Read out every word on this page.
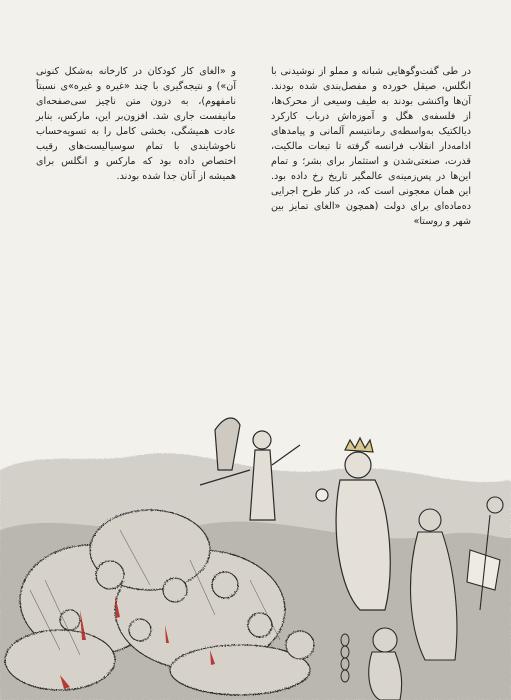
در طی گفت‌وگوهایی شبانه و مملو از نوشیدنی با انگلس، صیقل خورده و مفصل‌بندی شده بودند. آن‌ها واکنشی بودند به طیف وسیعی از محرک‌ها، از فلسفه‌ی هگل و آموزه‌اش درباب کارکرد دیالکتیک به‌واسطه‌ی رمانتیسم آلمانی و پیامدهای ادامه‌دار انقلاب فرانسه گرفته تا تبعات مالکیت، قدرت، صنعتی‌شدن و استثمار برای بشر؛ و تمام این‌ها در پس‌زمینه‌ی عالمگیر تاریخ رخ داده بود. این همان معجونی است که، در کنار طرح اجرایی ده‌ماده‌ای برای دولت (همچون «الغای تمایز بین شهر و روستا»

و «الغای کار کودکان در کارخانه به‌شکل کنونی آن») و نتیجه‌گیری با چند «غیره و غیره»ی نسبتاً نامفهوم)، به درون متن ناچیز سی‌صفحه‌ای مانیفست جاری شد. افزون‌بر این، مارکس، بنابر عادت همیشگی، بخشی کامل را به تسویه‌حساب ناخوشایندی با تمام سوسیالیست‌های رقیب اختصاص داده بود که مارکس و انگلس برای همیشه از آنان جدا شده بودند.
